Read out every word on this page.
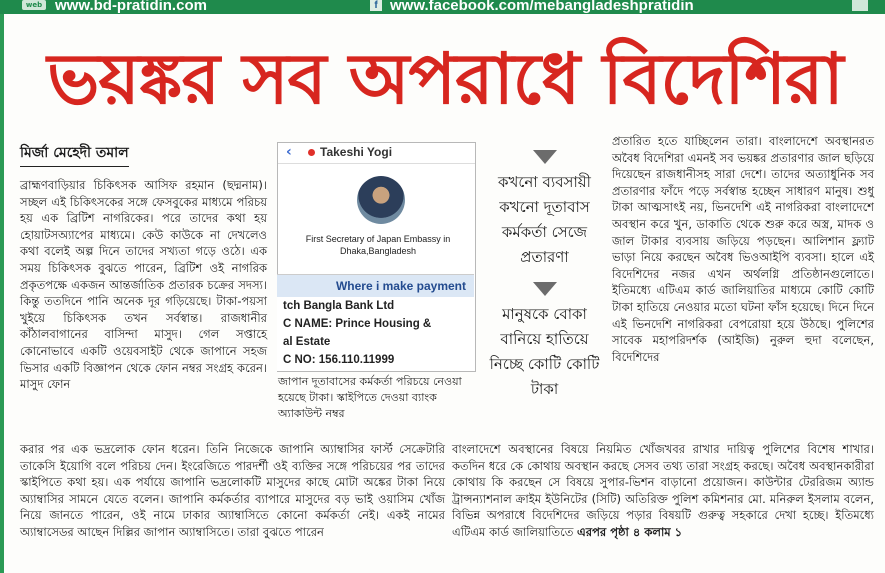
web www.bd-pratidin.com	f www.facebook.com/mebangladeshpratidin
ভয়ঙ্কর সব অপরাধে বিদেশিরা
মির্জা মেহেদী তমাল
ব্রাহ্মণবাড়িয়ার চিকিৎসক আসিফ রহমান (ছদ্মনাম)। সচ্ছল এই চিকিৎসকের সঙ্গে ফেসবুকের মাধ্যমে পরিচয় হয় এক ব্রিটিশ নাগরিকের। পরে তাদের কথা হয় হোয়াটসঅ্যাপের মাধ্যমে। কেউ কাউকে না দেখলেও কথা বলেই অল্প দিনে তাদের সখ্যতা গড়ে ওঠে। এক সময় চিকিৎসক বুঝতে পারেন, ব্রিটিশ ওই নাগরিক প্রকৃতপক্ষে একজন আন্তর্জাতিক প্রতারক চক্রের সদস্য। কিন্তু ততদিনে পানি অনেক দূর গড়িয়েছে। টাকা-পয়সা খুইয়ে চিকিৎসক তখন সর্বস্বান্ত। রাজধানীর কাঁঠালবাগানের বাসিন্দা মাসুদ। গেল সপ্তাহে কোনোভাবে একটি ওয়েবসাইট থেকে জাপানে সহজ ভিসার একটি বিজ্ঞাপন থেকে ফোন নম্বর সংগ্রহ করেন। মাসুদ ফোন
‹ Takeshi Yogi
First Secretary of Japan Embassy in
Dhaka,Bangladesh
Where i make payment
tch Bangla Bank Ltd
C NAME: Prince Housing &
al Estate
C NO: 156.110.11999
জাপান দূতাবাসের কর্মকর্তা পরিচয়ে নেওয়া হয়েছে টাকা। স্কাইপিতে দেওয়া ব্যাংক অ্যাকাউন্ট নম্বর

কখনো ব্যবসায়ী কখনো দূতাবাস কর্মকর্তা সেজে প্রতারণা

মানুষকে বোকা বানিয়ে হাতিয়ে নিচ্ছে কোটি কোটি টাকা

প্রতারিত হতে যাচ্ছিলেন তারা। বাংলাদেশে অবস্থানরত অবৈধ বিদেশিরা এমনই সব ভয়ঙ্কর প্রতারণার জাল ছড়িয়ে দিয়েছেন রাজধানীসহ সারা দেশে। তাদের অত্যাধুনিক সব প্রতারণার ফাঁদে পড়ে সর্বস্বান্ত হচ্ছেন সাধারণ মানুষ। শুধু টাকা আত্মসাৎই নয়, ভিনদেশি এই নাগরিকরা বাংলাদেশে অবস্থান করে খুন, ডাকাতি থেকে শুরু করে অস্ত্র, মাদক ও জাল টাকার ব্যবসায় জড়িয়ে পড়ছেন। আলিশান ফ্ল্যাট ভাড়া নিয়ে করছেন অবৈধ ভিওআইপি ব্যবসা। হালে এই বিদেশিদের নজর এখন অর্থলগ্নি প্রতিষ্ঠানগুলোতে। ইতিমধ্যে এটিএম কার্ড জালিয়াতির মাধ্যমে কোটি কোটি টাকা হাতিয়ে নেওয়ার মতো ঘটনা ফাঁস হয়েছে। দিনে দিনে এই ভিনদেশি নাগরিকরা বেপরোয়া হয়ে উঠছে। পুলিশের সাবেক মহাপরিদর্শক (আইজি) নুরুল হুদা বলেছেন, বিদেশিদের
করার পর এক ভদ্রলোক ফোন ধরেন। তিনি নিজেকে জাপানি অ্যাম্বাসির ফার্স্ট সেক্রেটারি তাকেসি ইয়োগি বলে পরিচয় দেন। ইংরেজিতে পারদর্শী ওই ব্যক্তির সঙ্গে পরিচয়ের পর তাদের স্কাইপিতে কথা হয়। এক পর্যায়ে জাপানি ভদ্রলোকটি মাসুদের কাছে মোটা অঙ্কের টাকা নিয়ে অ্যাম্বাসির সামনে যেতে বলেন। জাপানি কর্মকর্তার ব্যাপারে মাসুদের বড় ভাই ওয়াসিম খোঁজ নিয়ে জানতে পারেন, ওই নামে ঢাকার অ্যাম্বাসিতে কোনো কর্মকর্তা নেই। একই নামের অ্যাম্বাসেডর আছেন দিল্লির জাপান অ্যাম্বাসিতে। তারা বুঝতে পারেন
বাংলাদেশে অবস্থানের বিষয়ে নিয়মিত খোঁজখবর রাখার দায়িত্ব পুলিশের বিশেষ শাখার। কতদিন ধরে কে কোথায় অবস্থান করছে সেসব তথ্য তারা সংগ্রহ করছে। অবৈধ অবস্থানকারীরা কোথায় কি করছেন সে বিষয়ে সুপার-ভিশন বাড়ানো প্রয়োজন। কাউন্টার টেররিজম অ্যান্ড ট্রান্সন্যাশনাল ক্রাইম ইউনিটের (সিটি) অতিরিক্ত পুলিশ কমিশনার মো. মনিরুল ইসলাম বলেন, বিভিন্ন অপরাধে বিদেশিদের জড়িয়ে পড়ার বিষয়টি গুরুত্ব সহকারে দেখা হচ্ছে। ইতিমধ্যে এটিএম কার্ড জালিয়াতিতে এরপর পৃষ্ঠা ৪ কলাম ১
